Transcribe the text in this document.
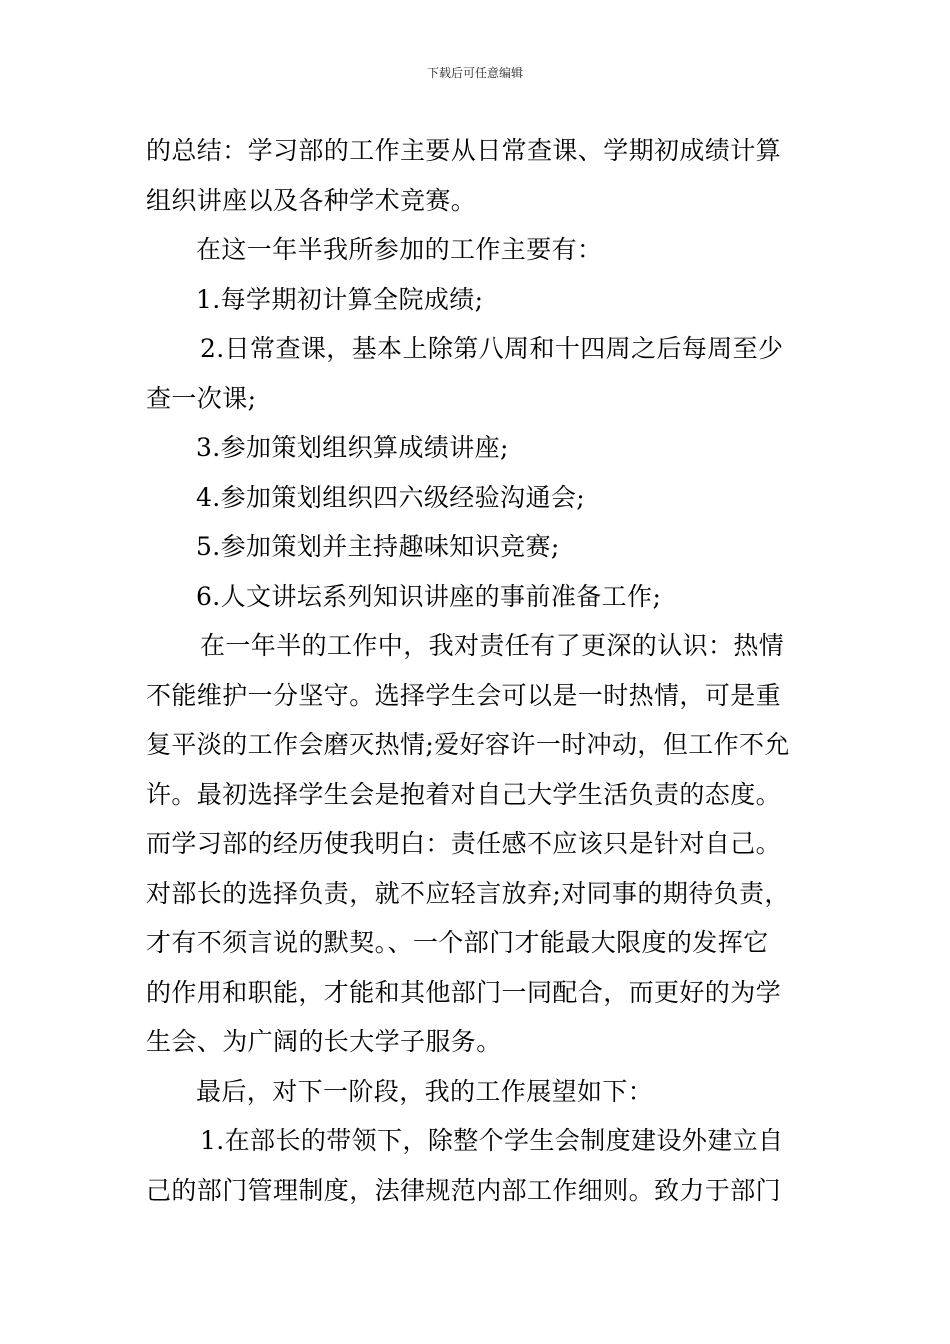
下载后可任意编辑
的总结：学习部的工作主要从日常查课、学期初成绩计算
组织讲座以及各种学术竞赛。
在这一年半我所参加的工作主要有：
1.每学期初计算全院成绩;
2.日常查课，基本上除第八周和十四周之后每周至少
查一次课;
3.参加策划组织算成绩讲座;
4.参加策划组织四六级经验沟通会;
5.参加策划并主持趣味知识竞赛;
6.人文讲坛系列知识讲座的事前准备工作;
在一年半的工作中，我对责任有了更深的认识：热情
不能维护一分坚守。选择学生会可以是一时热情，可是重
复平淡的工作会磨灭热情;爱好容许一时冲动，但工作不允
许。最初选择学生会是抱着对自己大学生活负责的态度。
而学习部的经历使我明白：责任感不应该只是针对自己。
对部长的选择负责，就不应轻言放弃;对同事的期待负责，
才有不须言说的默契。、一个部门才能最大限度的发挥它
的作用和职能，才能和其他部门一同配合，而更好的为学
生会、为广阔的长大学子服务。
最后，对下一阶段，我的工作展望如下：
1.在部长的带领下，除整个学生会制度建设外建立自
己的部门管理制度，法律规范内部工作细则。致力于部门
